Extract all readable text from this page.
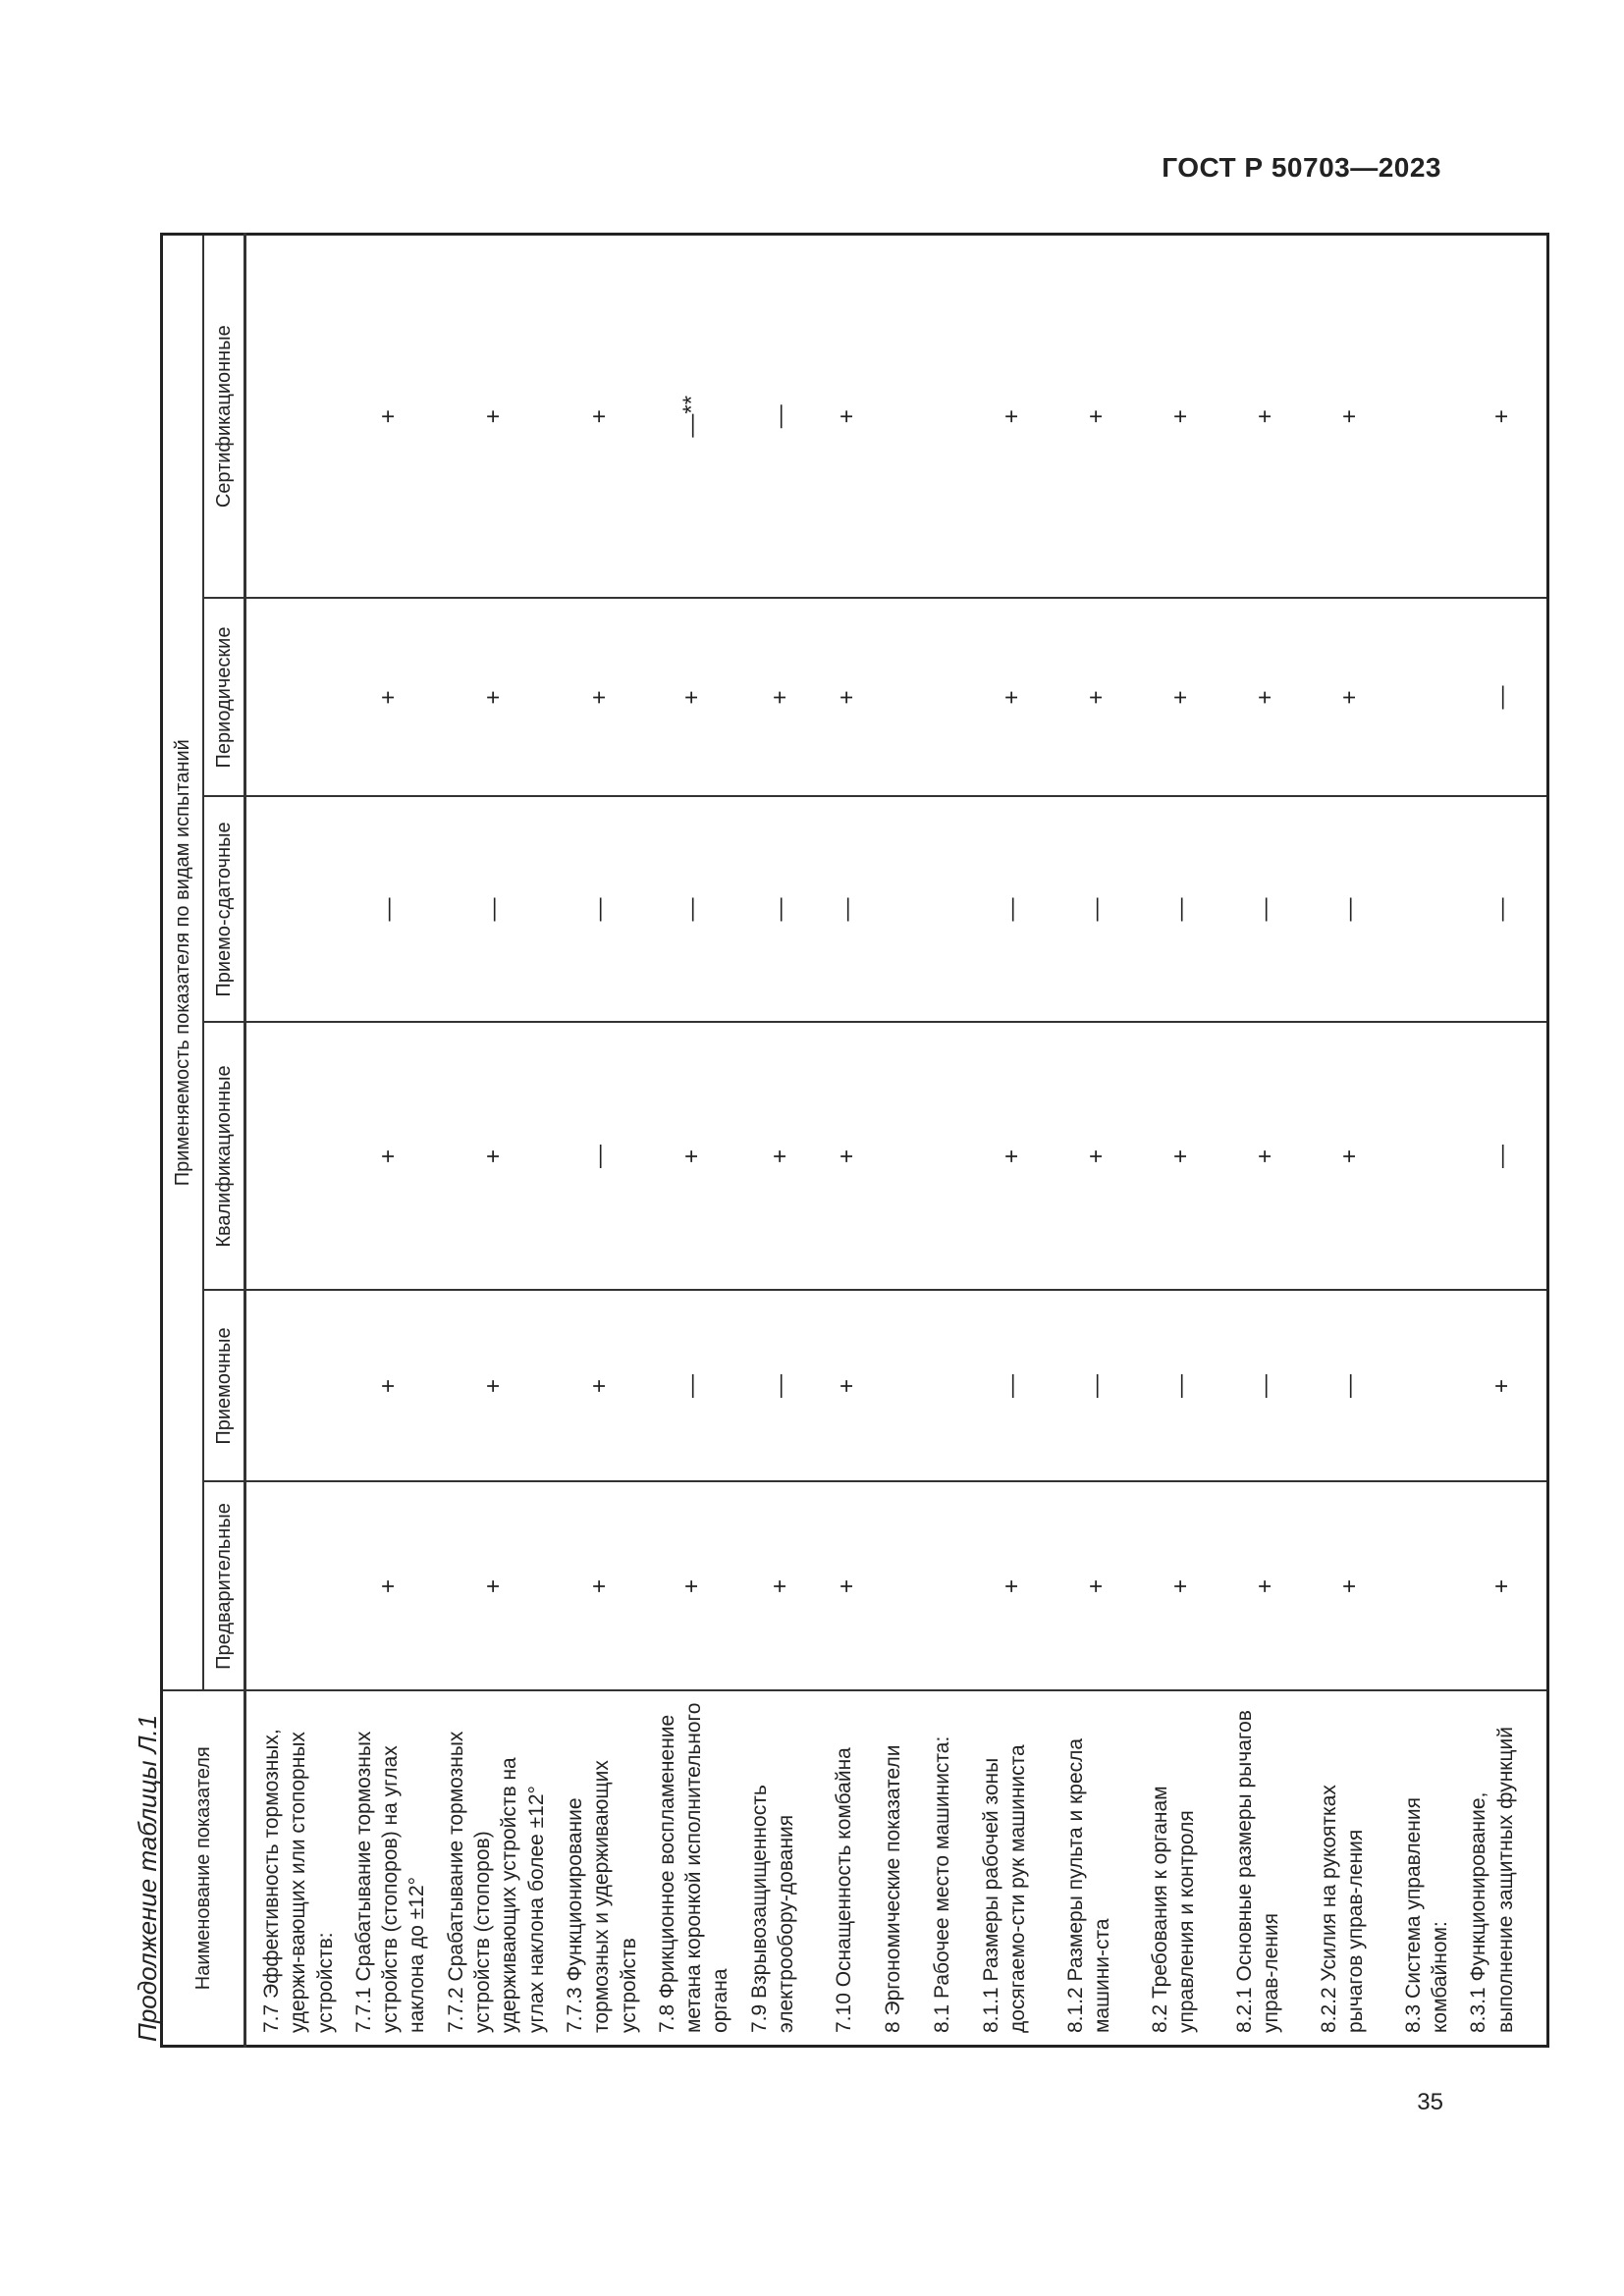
ГОСТ Р 50703—2023
Продолжение таблицы Л.1 Наименование показателя	Применяемость показателя по видам испытаний					
	Предварительные	Приемочные	Квалификационные	Приемо-сдаточные	Периодические	Сертификационные

7.7 Эффективность тормозных, удержи-вающих или стопорных устройств:						
7.7.1 Срабатывание тормозных устройств (стопоров) на углах наклона до ±12°	+	+	+	—	+	+
7.7.2 Срабатывание тормозных устройств (стопоров) удерживающих устройств на углах наклона более ±12°	+	+	+	—	+	+
7.7.3 Функционирование тормозных и удерживающих устройств	+	+	—	—	+	+
7.8 Фрикционное воспламенение метана коронкой исполнительного органа	+	—	+	—	+	—**
7.9 Взрывозащищенность электрообору-дования	+	—	+	—	+	—
7.10 Оснащенность комбайна	+	+	+	—	+	+
8 Эргономические показатели						
8.1 Рабочее место машиниста:						
8.1.1 Размеры рабочей зоны досягаемо-сти рук машиниста	+	—	+	—	+	+
8.1.2 Размеры пульта и кресла машини-ста	+	—	+	—	+	+
8.2 Требования к органам управления и контроля	+	—	+	—	+	+
8.2.1 Основные размеры рычагов управ-ления	+	—	+	—	+	+
8.2.2 Усилия на рукоятках рычагов управ-ления	+	—	+	—	+	+
8.3 Система управления комбайном:						
8.3.1 Функционирование, выполнение защитных функций	+	+	—	—	—	+
35
